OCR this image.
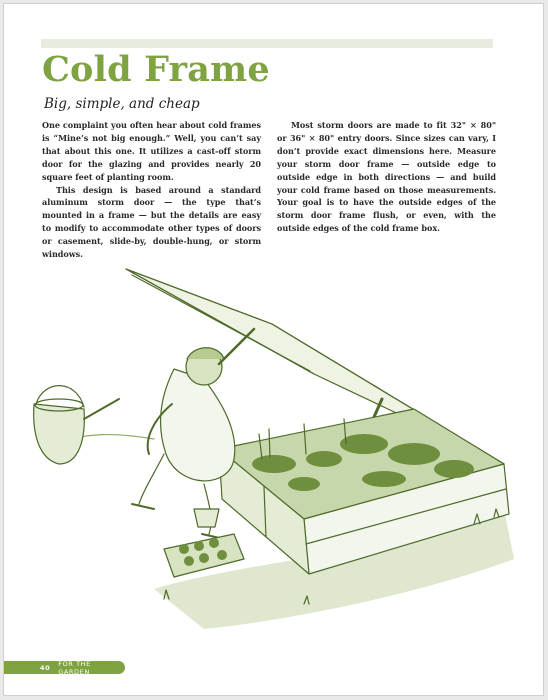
Cold Frame
Big, simple, and cheap

One complaint you often hear about cold frames is “Mine’s not big enough.” Well, you can’t say that about this one. It utilizes a cast-off storm door for the glazing and provides nearly 20 square feet of planting room.

This design is based around a standard aluminum storm door — the type that’s mounted in a frame — but the details are easy to modify to accommodate other types of doors or casement, slide-by, double-hung, or storm windows.

Most storm doors are made to fit 32" × 80" or 36" × 80" entry doors. Since sizes can vary, I don’t provide exact dimensions here. Measure your storm door frame — outside edge to outside edge in both directions — and build your cold frame based on those measurements. Your goal is to have the outside edges of the storm door frame flush, or even, with the outside edges of the cold frame box.

40 FOR THE GARDEN
